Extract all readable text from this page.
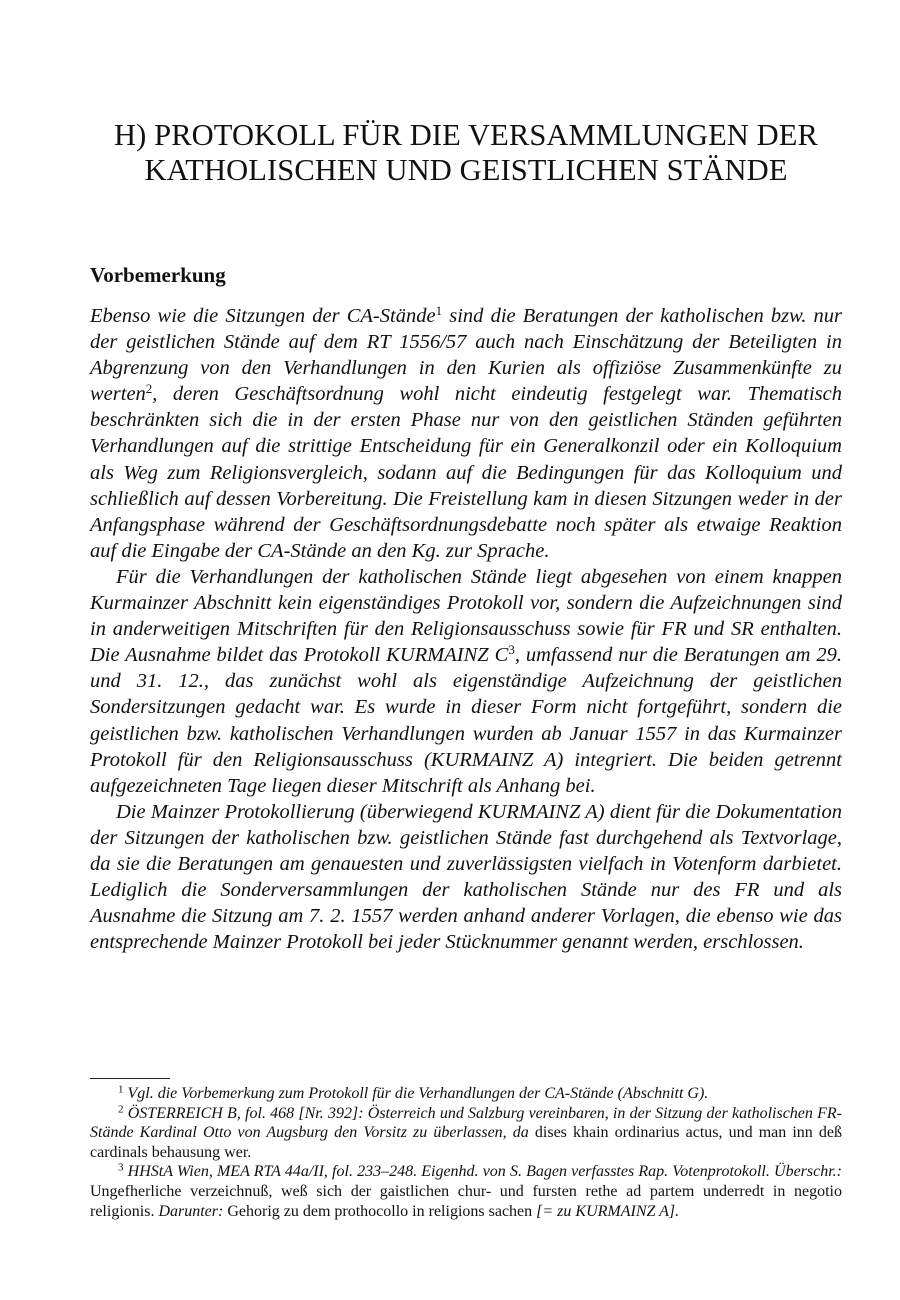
H) PROTOKOLL FÜR DIE VERSAMMLUNGEN DER
KATHOLISCHEN UND GEISTLICHEN STÄNDE
Vorbemerkung

Ebenso wie die Sitzungen der CA-Stände$^1$ sind die Beratungen der katholischen bzw. nur der geistlichen Stände auf dem RT 1556/57 auch nach Einschätzung der Beteiligten in Abgrenzung von den Verhandlungen in den Kurien als offiziöse Zusammenkünfte zu werten$^2$, deren Geschäftsordnung wohl nicht eindeutig festgelegt war. Thematisch beschränkten sich die in der ersten Phase nur von den geistlichen Ständen geführten Verhandlungen auf die strittige Entscheidung für ein Generalkonzil oder ein Kolloquium als Weg zum Religionsvergleich, sodann auf die Bedingungen für das Kolloquium und schließlich auf dessen Vorbereitung. Die Freistellung kam in diesen Sitzungen weder in der Anfangsphase während der Geschäftsordnungsdebatte noch später als etwaige Reaktion auf die Eingabe der CA-Stände an den Kg. zur Sprache.

Für die Verhandlungen der katholischen Stände liegt abgesehen von einem knappen Kurmainzer Abschnitt kein eigenständiges Protokoll vor, sondern die Aufzeichnungen sind in anderweitigen Mitschriften für den Religionsausschuss sowie für FR und SR enthalten. Die Ausnahme bildet das Protokoll KURMAINZ $C^3$, umfassend nur die Beratungen am 29. und 31. 12., das zunächst wohl als eigenständige Aufzeichnung der geistlichen Sondersitzungen gedacht war. Es wurde in dieser Form nicht fortgeführt, sondern die geistlichen bzw. katholischen Verhandlungen wurden ab Januar 1557 in das Kurmainzer Protokoll für den Religionsausschuss (KURMAINZ A) integriert. Die beiden getrennt aufgezeichneten Tage liegen dieser Mitschrift als Anhang bei.

Die Mainzer Protokollierung (überwiegend KURMAINZ A) dient für die Dokumentation der Sitzungen der katholischen bzw. geistlichen Stände fast durchgehend als Textvorlage, da sie die Beratungen am genauesten und zuverlässigsten vielfach in Votenform darbietet. Lediglich die Sonderversammlungen der katholischen Stände nur des FR und als Ausnahme die Sitzung am 7. 2. 1557 werden anhand anderer Vorlagen, die ebenso wie das entsprechende Mainzer Protokoll bei jeder Stücknummer genannt werden, erschlossen.

$^1$ Vgl. die Vorbemerkung zum Protokoll für die Verhandlungen der CA-Stände (Abschnitt G).

$^2$ ÖSTERREICH B, fol. 468 [Nr. 392]: Österreich und Salzburg vereinbaren, in der Sitzung der katholischen FR-Stände Kardinal Otto von Augsburg den Vorsitz zu überlassen, da dises khain ordinarius actus, und man inn deß cardinals behausung wer.

$^3$ HHStA Wien, MEA RTA 44a/II, fol. 233–248. Eigenhd. von S. Bagen verfasstes Rap. Votenprotokoll. Überschr.: Ungefherliche verzeichnuß, weß sich der gaistlichen chur- und fursten rethe ad partem underredt in negotio religionis. Darunter: Gehorig zu dem prothocollo in religions sachen [= zu KURMAINZ A].
